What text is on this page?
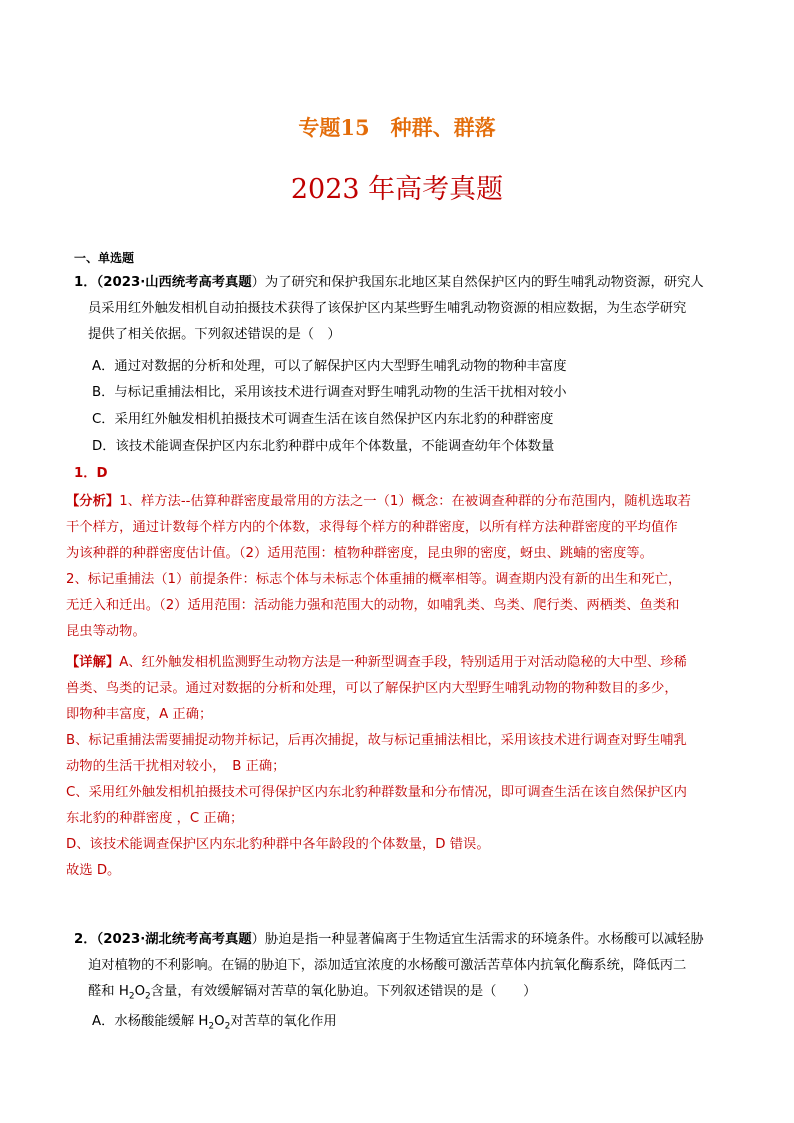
专题15　种群、群落
2023 年高考真题
一、单选题

1．（2023·山西统考高考真题）为了研究和保护我国东北地区某自然保护区内的野生哺乳动物资源，研究人
员采用红外触发相机自动拍摄技术获得了该保护区内某些野生哺乳动物资源的相应数据，为生态学研究
提供了相关依据。下列叙述错误的是（　）

A．通过对数据的分析和处理，可以了解保护区内大型野生哺乳动物的物种丰富度

B．与标记重捕法相比，采用该技术进行调查对野生哺乳动物的生活干扰相对较小

C．采用红外触发相机拍摄技术可调查生活在该自然保护区内东北豹的种群密度

D．该技术能调查保护区内东北豹种群中成年个体数量，不能调查幼年个体数量

1．D

【分析】1、样方法--估算种群密度最常用的方法之一（1）概念：在被调查种群的分布范围内，随机选取若
干个样方，通过计数每个样方内的个体数，求得每个样方的种群密度，以所有样方法种群密度的平均值作
为该种群的种群密度估计值。（2）适用范围：植物种群密度，昆虫卵的密度，蚜虫、跳蝻的密度等。
2、标记重捕法（1）前提条件：标志个体与未标志个体重捕的概率相等。调查期内没有新的出生和死亡，
无迁入和迁出。（2）适用范围：活动能力强和范围大的动物，如哺乳类、鸟类、爬行类、两栖类、鱼类和
昆虫等动物。

【详解】A、红外触发相机监测野生动物方法是一种新型调查手段，特别适用于对活动隐秘的大中型、珍稀
兽类、鸟类的记录。通过对数据的分析和处理，可以了解保护区内大型野生哺乳动物的物种数目的多少，
即物种丰富度，A 正确；
B、标记重捕法需要捕捉动物并标记，后再次捕捉，故与标记重捕法相比，采用该技术进行调查对野生哺乳
动物的生活干扰相对较小，　B 正确；
C、采用红外触发相机拍摄技术可得保护区内东北豹种群数量和分布情况，即可调查生活在该自然保护区内
东北豹的种群密度 ，C 正确；
D、该技术能调查保护区内东北豹种群中各年龄段的个体数量，D 错误。
故选 D。

2．（2023·湖北统考高考真题）胁迫是指一种显著偏离于生物适宜生活需求的环境条件。水杨酸可以减轻胁
迫对植物的不利影响。在镉的胁迫下，添加适宜浓度的水杨酸可激活苦草体内抗氧化酶系统，降低丙二
醛和 $H_2O_2$含量，有效缓解镉对苦草的氧化胁迫。下列叙述错误的是（　　）

A．水杨酸能缓解 $H_2O_2$对苦草的氧化作用
